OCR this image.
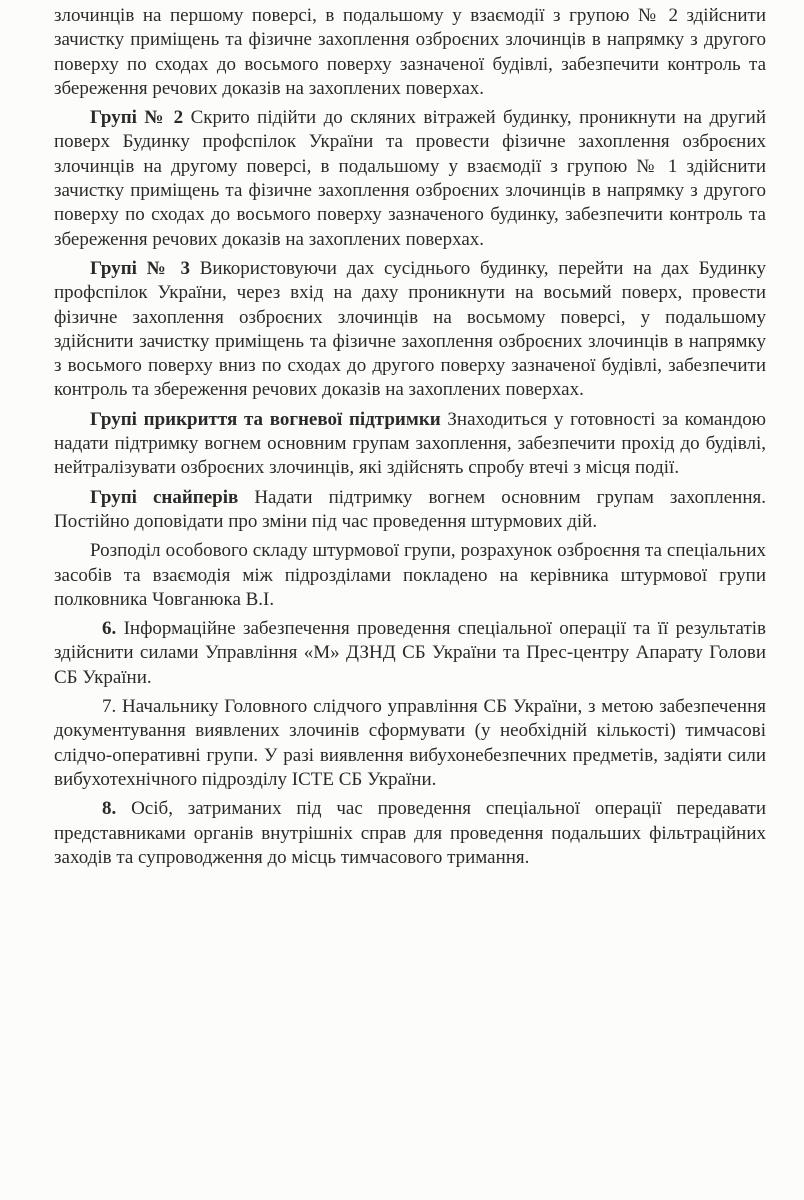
злочинців на першому поверсі, в подальшому у взаємодії з групою № 2 здійснити зачистку приміщень та фізичне захоплення озброєних злочинців в напрямку з другого поверху по сходах до восьмого поверху зазначеної будівлі, забезпечити контроль та збереження речових доказів на захоплених поверхах.

Групі № 2 Скрито підійти до скляних вітражей будинку, проникнути на другий поверх Будинку профспілок України та провести фізичне захоплення озброєних злочинців на другому поверсі, в подальшому у взаємодії з групою № 1 здійснити зачистку приміщень та фізичне захоплення озброєних злочинців в напрямку з другого поверху по сходах до восьмого поверху зазначеного будинку, забезпечити контроль та збереження речових доказів на захоплених поверхах.

Групі № 3 Використовуючи дах сусіднього будинку, перейти на дах Будинку профспілок України, через вхід на даху проникнути на восьмий поверх, провести фізичне захоплення озброєних злочинців на восьмому поверсі, у подальшому здійснити зачистку приміщень та фізичне захоплення озброєних злочинців в напрямку з восьмого поверху вниз по сходах до другого поверху зазначеної будівлі, забезпечити контроль та збереження речових доказів на захоплених поверхах.

Групі прикриття та вогневої підтримки Знаходиться у готовності за командою надати підтримку вогнем основним групам захоплення, забезпечити прохід до будівлі, нейтралізувати озброєних злочинців, які здійснять спробу втечі з місця події.

Групі снайперів Надати підтримку вогнем основним групам захоплення. Постійно доповідати про зміни під час проведення штурмових дій.

Розподіл особового складу штурмової групи, розрахунок озброєння та спеціальних засобів та взаємодія між підрозділами покладено на керівника штурмової групи полковника Човганюка В.І.

6. Інформаційне забезпечення проведення спеціальної операції та її результатів здійснити силами Управління «М» ДЗНД СБ України та Прес-центру Апарату Голови СБ України.

7. Начальнику Головного слідчого управління СБ України, з метою забезпечення документування виявлених злочинів сформувати (у необхідній кількості) тимчасові слідчо-оперативні групи. У разі виявлення вибухонебезпечних предметів, задіяти сили вибухотехнічного підрозділу ІСТЕ СБ України.

8. Осіб, затриманих під час проведення спеціальної операції передавати представниками органів внутрішніх справ для проведення подальших фільтраційних заходів та супроводження до місць тимчасового тримання.
